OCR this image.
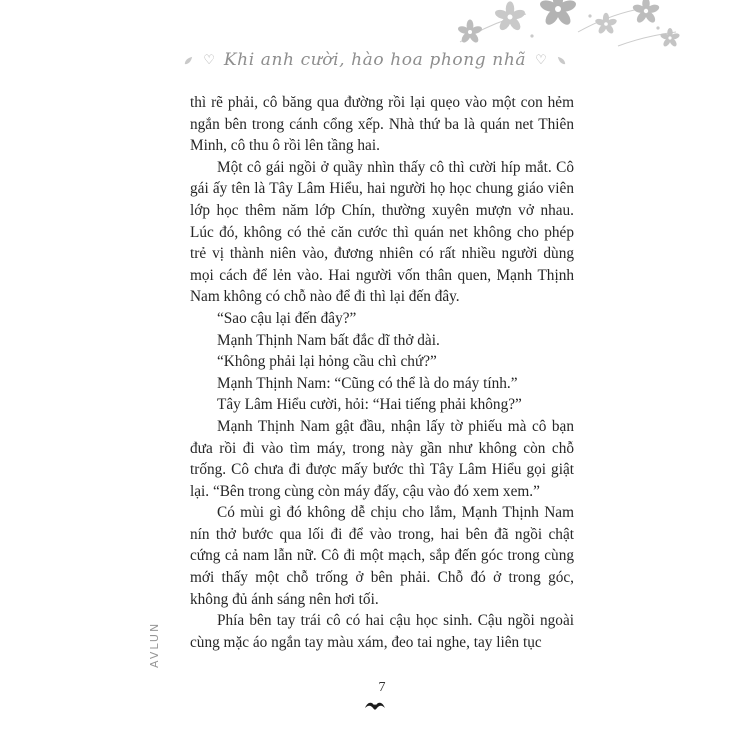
♡ Khi anh cười, hào hoa phong nhã ♡

thì rẽ phải, cô băng qua đường rồi lại quẹo vào một con hẻm ngắn bên trong cánh cổng xếp. Nhà thứ ba là quán net Thiên Minh, cô thu ô rồi lên tầng hai.

Một cô gái ngồi ở quầy nhìn thấy cô thì cười híp mắt. Cô gái ấy tên là Tây Lâm Hiểu, hai người họ học chung giáo viên lớp học thêm năm lớp Chín, thường xuyên mượn vở nhau. Lúc đó, không có thẻ căn cước thì quán net không cho phép trẻ vị thành niên vào, đương nhiên có rất nhiều người dùng mọi cách để lẻn vào. Hai người vốn thân quen, Mạnh Thịnh Nam không có chỗ nào để đi thì lại đến đây.

“Sao cậu lại đến đây?”

Mạnh Thịnh Nam bất đắc dĩ thở dài.

“Không phải lại hỏng cầu chì chứ?”

Mạnh Thịnh Nam: “Cũng có thể là do máy tính.”

Tây Lâm Hiểu cười, hỏi: “Hai tiếng phải không?”

Mạnh Thịnh Nam gật đầu, nhận lấy tờ phiếu mà cô bạn đưa rồi đi vào tìm máy, trong này gần như không còn chỗ trống. Cô chưa đi được mấy bước thì Tây Lâm Hiểu gọi giật lại. “Bên trong cùng còn máy đấy, cậu vào đó xem xem.”

Có mùi gì đó không dễ chịu cho lắm, Mạnh Thịnh Nam nín thở bước qua lối đi để vào trong, hai bên đã ngồi chật cứng cả nam lẫn nữ. Cô đi một mạch, sắp đến góc trong cùng mới thấy một chỗ trống ở bên phải. Chỗ đó ở trong góc, không đủ ánh sáng nên hơi tối.

Phía bên tay trái cô có hai cậu học sinh. Cậu ngồi ngoài cùng mặc áo ngắn tay màu xám, đeo tai nghe, tay liên tục

7
AVLUN
